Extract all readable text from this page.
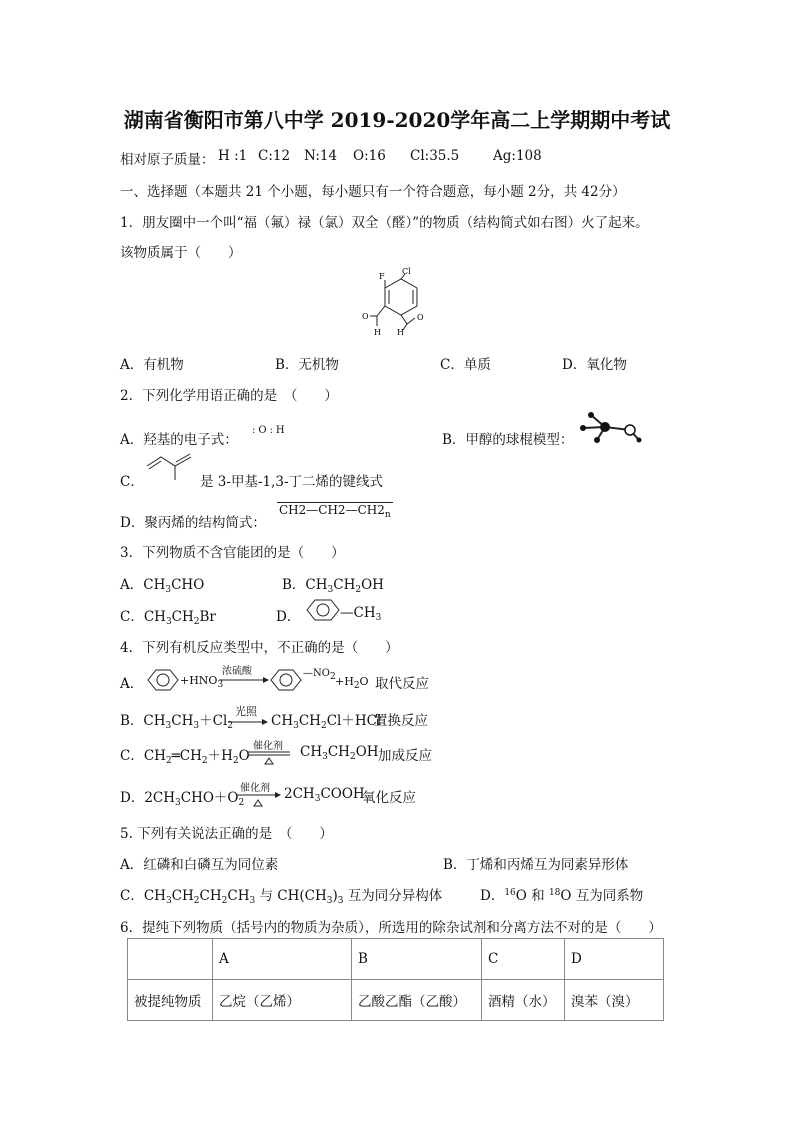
湖南省衡阳市第八中学 2019-2020学年高二上学期期中考试
相对原子质量： H :1 C:12 N:14 O:16 Cl:35.5 Ag:108
一、选择题（本题共 21 个小题，每小题只有一个符合题意，每小题 2分，共 42分）
1．朋友圈中一个叫“福（氟）禄（氯）双全（醛）”的物质（结构简式如右图）火了起来。
该物质属于（　　）
F
Cl
O	O
H H
A．有机物	B．无机物	C．单质	D．氧化物
2．下列化学用语正确的是　（　　）
A．羟基的电子式：
:O:H
B．甲醇的球棍模型：
C．	是 3-甲基-1,3-丁二烯的键线式
D．聚丙烯的结构简式：
$CH2—CH2—CH2_n$
3．下列物质不含官能团的是（　　）
A．$CH_3CHO$	B．$CH_3CH_2OH$
C．$CH_3CH_2Br$	D．	$—CH_3$
4．下列有机反应类型中，不正确的是（　　）
A．	$+HNO_3$
浓硫酸	$—NO_2 +H_2O$ 取代反应
B．$CH_3CH_3+Cl_2$
光照
→ $CH_3CH_2Cl+HCl$
置换反应
C．$CH_2═CH_2+H_2O$
催化剂 $CH_3CH_2OH$ 加成反应
D．$2CH_3CHO+O_2$
催化剂 $2CH_3COOH$
氧化反应
5. 下列有关说法正确的是　（　　）
A．红磷和白磷互为同位素	B．丁烯和丙烯互为同素异形体
C．$CH_3CH_2CH_2CH_3$ 与 $CH(CH_3)_3$ 互为同分异构体	D．$^{16}$O 和 $^{18}$O 互为同系物
6．提纯下列物质（括号内的物质为杂质），所选用的除杂试剂和分离方法不对的是（　　）
	A	B	C	D
被提纯物质	乙烷（乙烯）	乙酸乙酯（乙酸）	酒精（水）	溴苯（溴）
